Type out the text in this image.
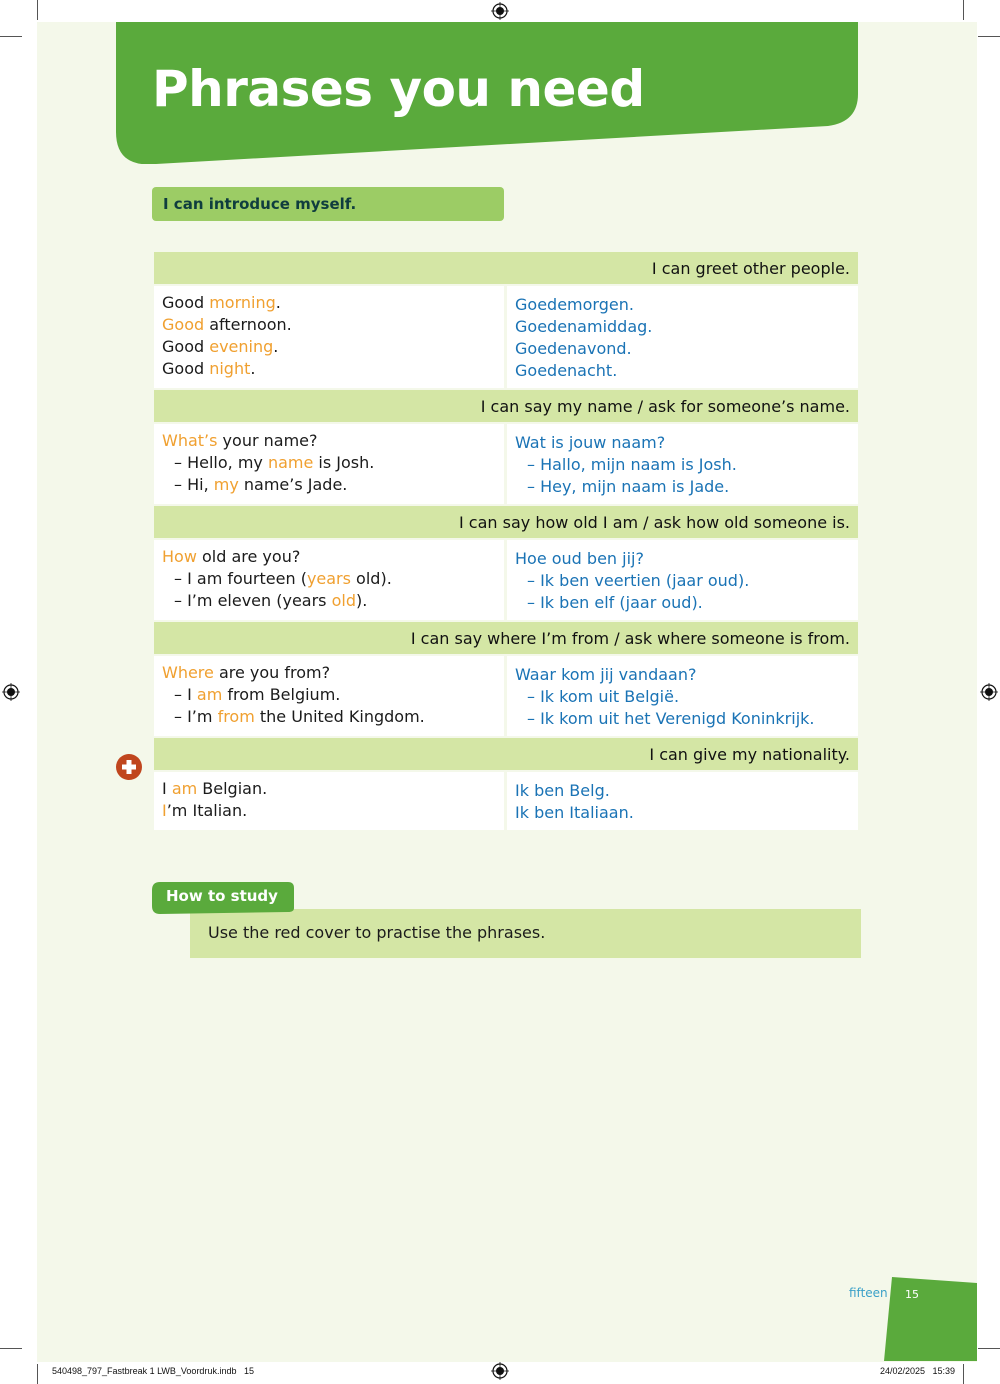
Phrases you need
I can introduce myself.
I can greet other people.
Good morning.
Good afternoon.
Good evening.
Good night.
Goedemorgen.
Goedenamiddag.
Goedenavond.
Goedenacht.
I can say my name / ask for someone’s name.
What’s your name?
– Hello, my name is Josh.
– Hi, my name’s Jade.
Wat is jouw naam?
– Hallo, mijn naam is Josh.
– Hey, mijn naam is Jade.
I can say how old I am / ask how old someone is.
How old are you?
– I am fourteen (years old).
– I’m eleven (years old).
Hoe oud ben jij?
– Ik ben veertien (jaar oud).
– Ik ben elf (jaar oud).
I can say where I’m from / ask where someone is from.
Where are you from?
– I am from Belgium.
– I’m from the United Kingdom.
Waar kom jij vandaan?
– Ik kom uit België.
– Ik kom uit het Verenigd Koninkrijk.
I can give my nationality.
I am Belgian.
I’m Italian.
Ik ben Belg.
Ik ben Italiaan.
Use the red cover to practise the phrases.
How to study
fifteen 15
540498_797_Fastbreak 1 LWB_Voordruk.indb   15	24/02/2025   15:39
